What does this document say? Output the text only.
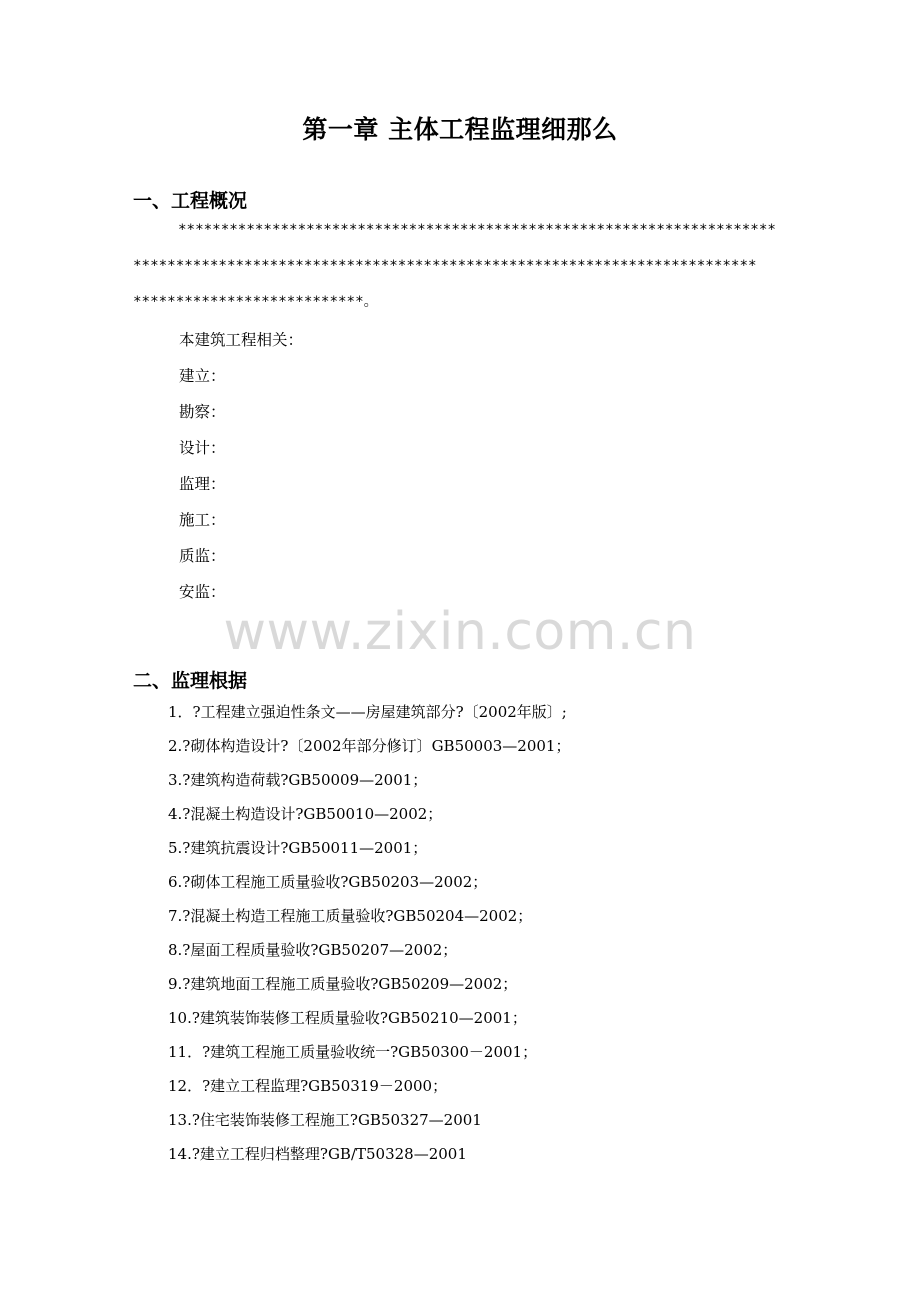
第一章 主体工程监理细那么
一、工程概况
**********************************************************************
*************************************************************************
***************************。
本建筑工程相关：
建立：
勘察：
设计：
监理：
施工：
质监：
安监：
www.zixin.com.cn
二、监理根据
1．?工程建立强迫性条文——房屋建筑部分?〔2002年版〕;
2.?砌体构造设计?〔2002年部分修订〕GB50003—2001；
3.?建筑构造荷载?GB50009—2001；
4.?混凝土构造设计?GB50010—2002；
5.?建筑抗震设计?GB50011—2001；
6.?砌体工程施工质量验收?GB50203—2002；
7.?混凝土构造工程施工质量验收?GB50204—2002；
8.?屋面工程质量验收?GB50207—2002；
9.?建筑地面工程施工质量验收?GB50209—2002；
10.?建筑装饰装修工程质量验收?GB50210—2001；
11．?建筑工程施工质量验收统一?GB50300－2001；
12．?建立工程监理?GB50319－2000；
13.?住宅装饰装修工程施工?GB50327—2001
14.?建立工程归档整理?GB/T50328—2001
